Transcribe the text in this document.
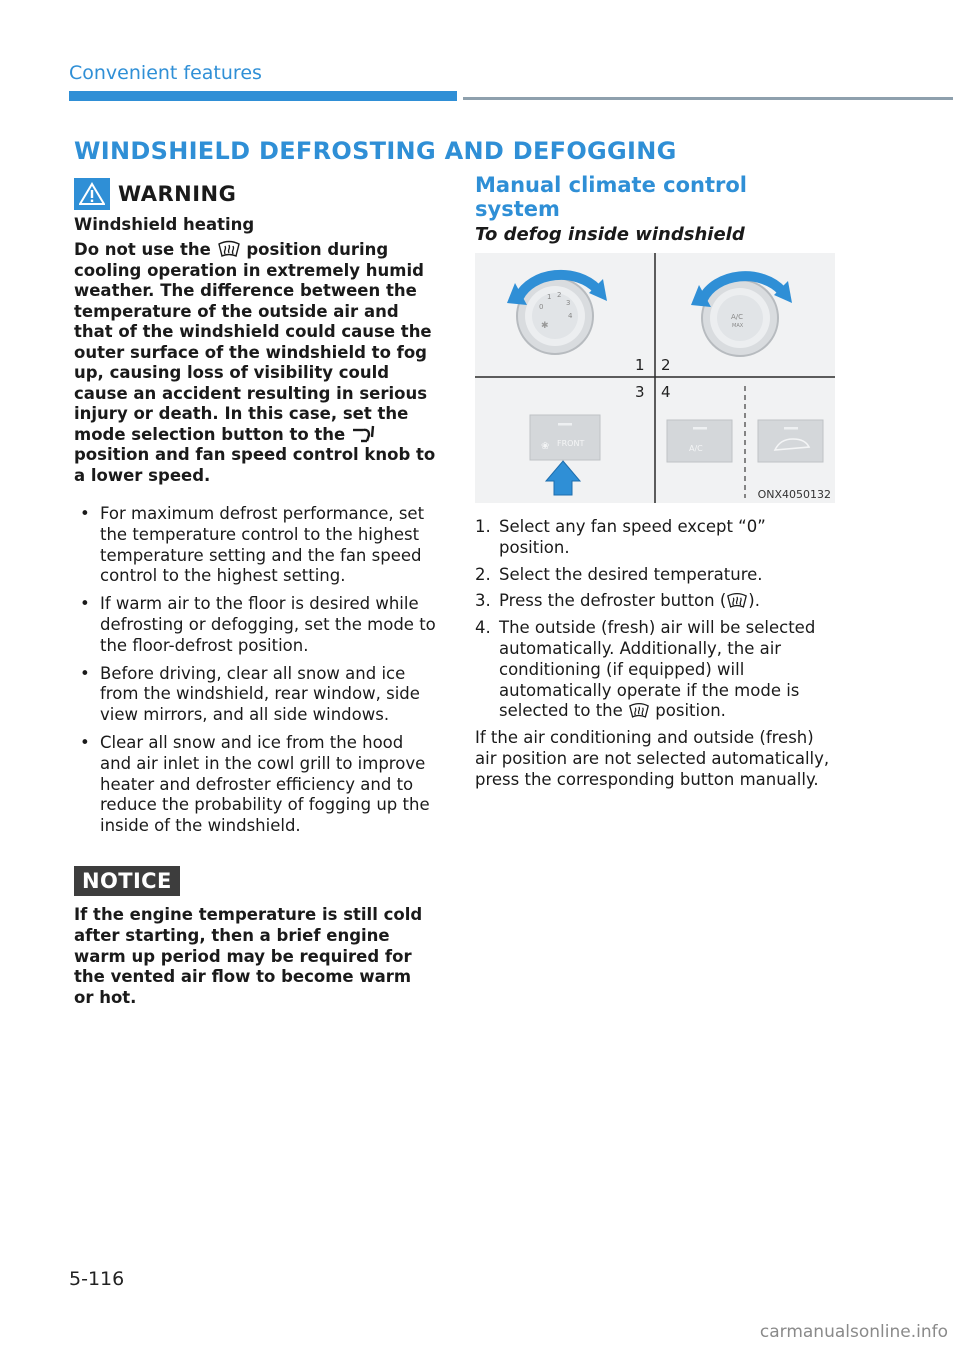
Convenient features
WINDSHIELD DEFROSTING AND DEFOGGING
WARNING
Windshield heating
Do not use the position during cooling operation in extremely humid weather. The difference between the temperature of the outside air and that of the windshield could cause the outer surface of the windshield to fog up, causing loss of visibility could cause an accident resulting in serious injury or death. In this case, set the mode selection button to the  position and fan speed control knob to a lower speed.
• For maximum defrost performance, set the temperature control to the highest temperature setting and the fan speed control to the highest setting.
• If warm air to the floor is desired while defrosting or defogging, set the mode to the floor-defrost position.
• Before driving, clear all snow and ice from the windshield, rear window, side view mirrors, and all side windows.
• Clear all snow and ice from the hood and air inlet in the cowl grill to improve heater and defroster efficiency and to reduce the probability of fogging up the inside of the windshield.
NOTICE
If the engine temperature is still cold after starting, then a brief engine warm up period may be required for the vented air flow to become warm or hot.
Manual climate control system
To defog inside windshield
0
1 2
3
4
✱
A/C
MAX
1 2
3 4
❀ FRONT
A/C
ONX4050132
1. Select any fan speed except “0” position.
2. Select the desired temperature.
3. Press the defroster button ( ).
4. The outside (fresh) air will be selected automatically. Additionally, the air conditioning (if equipped) will automatically operate if the mode is selected to the position.
If the air conditioning and outside (fresh) air position are not selected automatically, press the corresponding button manually.
5-116
carmanualsonline.info
